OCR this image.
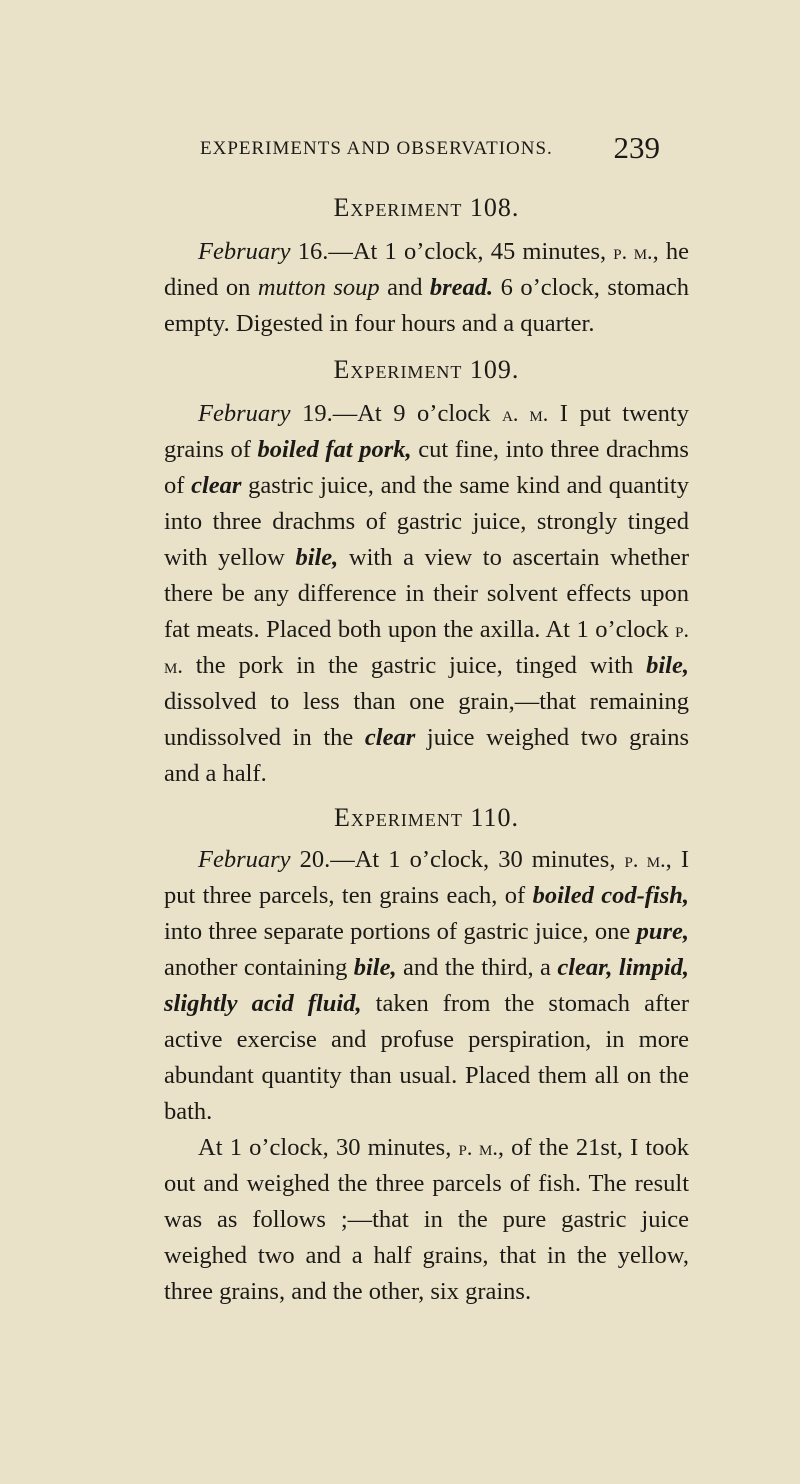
EXPERIMENTS AND OBSERVATIONS. 239
Experiment 108.

February 16.—At 1 o’clock, 45 minutes, p. m., he dined on mutton soup and bread. 6 o’clock, stomach empty. Digested in four hours and a quarter.

Experiment 109.

February 19.—At 9 o’clock a. m. I put twenty grains of boiled fat pork, cut fine, into three drachms of clear gastric juice, and the same kind and quantity into three drachms of gastric juice, strongly tinged with yellow bile, with a view to ascertain whether there be any difference in their solvent effects upon fat meats. Placed both upon the axilla. At 1 o’clock p. m. the pork in the gastric juice, tinged with bile, dissolved to less than one grain,—that remaining undissolved in the clear juice weighed two grains and a half.

Experiment 110.

February 20.—At 1 o’clock, 30 minutes, p. m., I put three parcels, ten grains each, of boiled cod-fish, into three separate portions of gastric juice, one pure, another containing bile, and the third, a clear, limpid, slightly acid fluid, taken from the stomach after active exercise and profuse perspiration, in more abundant quantity than usual. Placed them all on the bath.

At 1 o’clock, 30 minutes, p. m., of the 21st, I took out and weighed the three parcels of fish. The result was as follows ;—that in the pure gastric juice weighed two and a half grains, that in the yellow, three grains, and the other, six grains.
